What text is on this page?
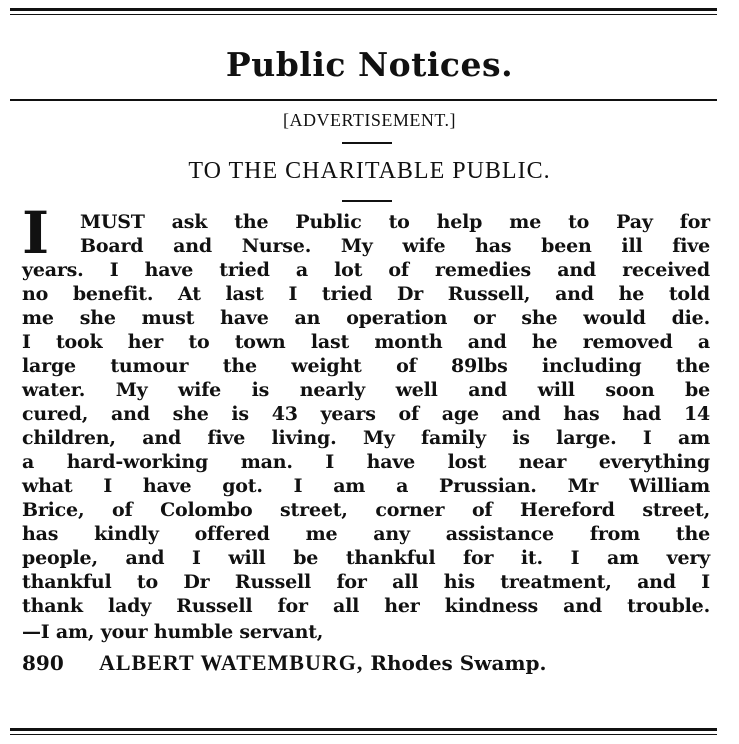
Public Notices.
[ADVERTISEMENT.]
TO THE CHARITABLE PUBLIC.
I MUST ask the Public to help me to Pay for
Board and Nurse. My wife has been ill five
years. I have tried a lot of remedies and received
no benefit. At last I tried Dr Russell, and he told
me she must have an operation or she would die.
I took her to town last month and he removed a
large tumour the weight of 89lbs including the
water. My wife is nearly well and will soon be
cured, and she is 43 years of age and has had 14
children, and five living. My family is large. I am
a hard-working man. I have lost near everything
what I have got. I am a Prussian. Mr William
Brice, of Colombo street, corner of Hereford street,
has kindly offered me any assistance from the
people, and I will be thankful for it. I am very
thankful to Dr Russell for all his treatment, and I
thank lady Russell for all her kindness and trouble.
—I am, your humble servant,
890 ALBERT WATEMBURG, Rhodes Swamp.
